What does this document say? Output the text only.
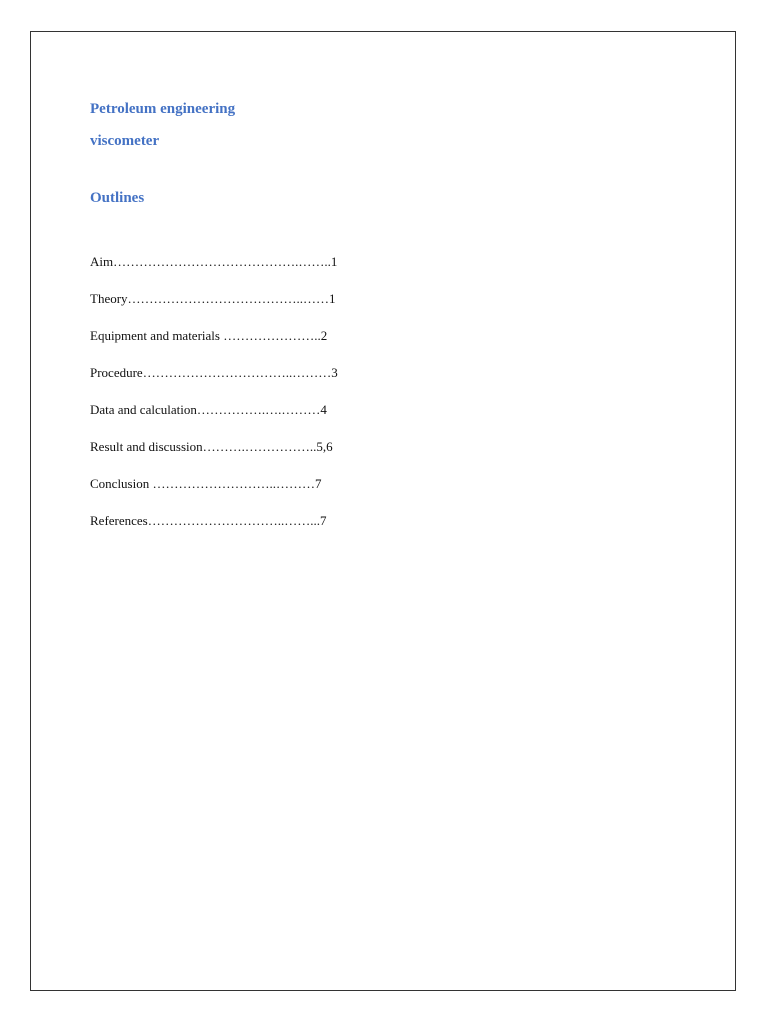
Petroleum engineering
viscometer
Outlines
Aim…………………………………….……..1
Theory…………………………………..……1
Equipment and materials …………………..2
Procedure……………………………..………3
Data and calculation…………….….………4
Result and discussion……….……………..5,6
Conclusion ………………………..………7
References…………………………..……...7
